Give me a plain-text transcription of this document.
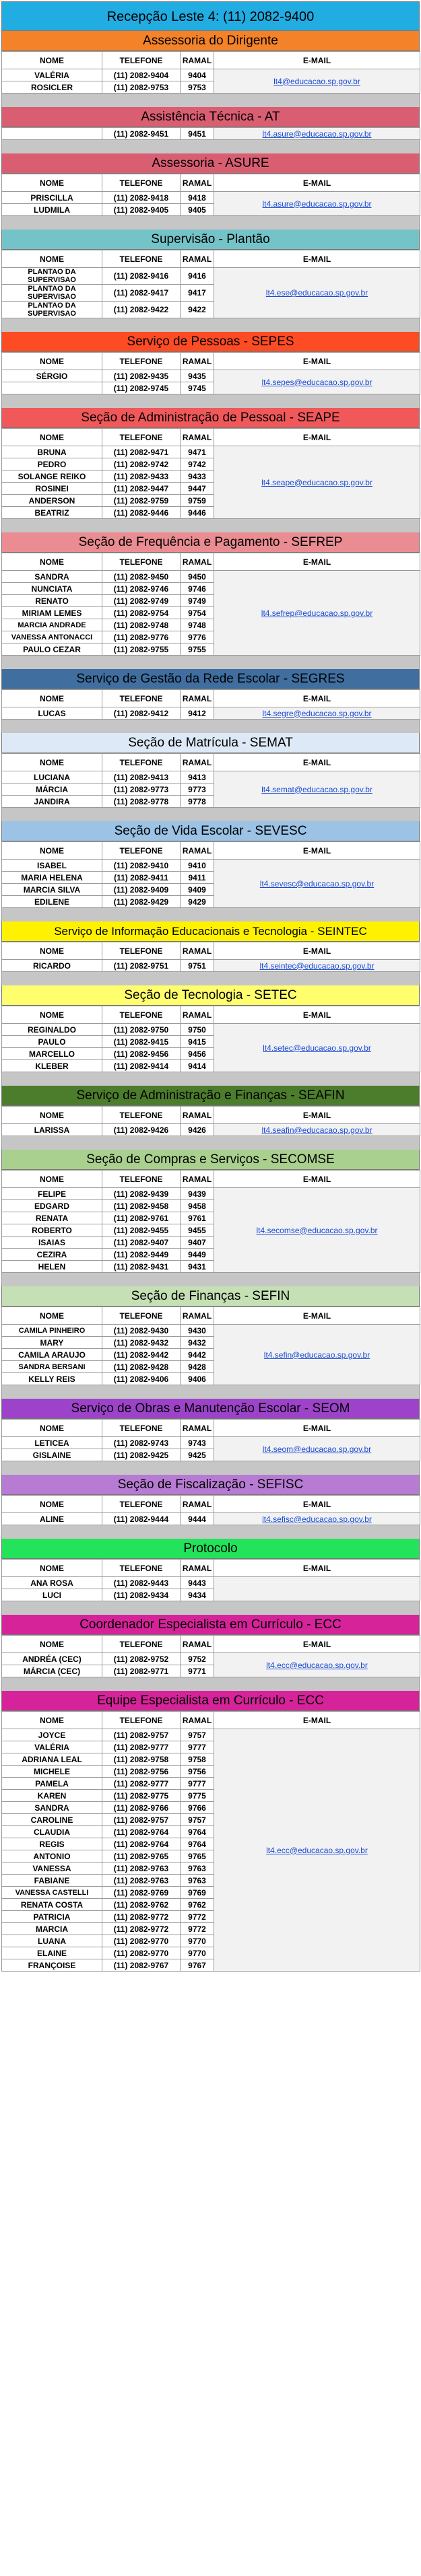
Recepção Leste 4: (11) 2082-9400
Assessoria do Dirigente
NOME	TELEFONE	RAMAL	E-MAIL
VALÉRIA	(11) 2082-9404	9404	lt4@educacao.sp.gov.br
ROSICLER	(11) 2082-9753	9753	
Assistência Técnica - AT
	(11) 2082-9451	9451	lt4.asure@educacao.sp.gov.br
Assessoria - ASURE
NOME	TELEFONE	RAMAL	E-MAIL
PRISCILLA	(11) 2082-9418	9418	lt4.asure@educacao.sp.gov.br
LUDMILA	(11) 2082-9405	9405	
Supervisão - Plantão
NOME	TELEFONE	RAMAL	E-MAIL
PLANTAO DA SUPERVISAO	(11) 2082-9416	9416	lt4.ese@educacao.sp.gov.br
PLANTAO DA SUPERVISAO	(11) 2082-9417	9417	
PLANTAO DA SUPERVISAO	(11) 2082-9422	9422	
Serviço de Pessoas - SEPES
NOME	TELEFONE	RAMAL	E-MAIL
SÉRGIO	(11) 2082-9435	9435	lt4.sepes@educacao.sp.gov.br
	(11) 2082-9745	9745	
Seção de Administração de Pessoal - SEAPE
NOME	TELEFONE	RAMAL	E-MAIL
BRUNA	(11) 2082-9471	9471	lt4.seape@educacao.sp.gov.br
PEDRO	(11) 2082-9742	9742	
SOLANGE REIKO	(11) 2082-9433	9433	
ROSINEI	(11) 2082-9447	9447	
ANDERSON	(11) 2082-9759	9759	
BEATRIZ	(11) 2082-9446	9446	
Seção de Frequência e Pagamento - SEFREP
NOME	TELEFONE	RAMAL	E-MAIL
SANDRA	(11) 2082-9450	9450	lt4.sefrep@educacao.sp.gov.br
NUNCIATA	(11) 2082-9746	9746	
RENATO	(11) 2082-9749	9749	
MIRIAM LEMES	(11) 2082-9754	9754	
MARCIA ANDRADE	(11) 2082-9748	9748	
VANESSA ANTONACCI	(11) 2082-9776	9776	
PAULO CEZAR	(11) 2082-9755	9755	
Serviço de Gestão da Rede Escolar - SEGRES
NOME	TELEFONE	RAMAL	E-MAIL
LUCAS	(11) 2082-9412	9412	lt4.segre@educacao.sp.gov.br
Seção de Matrícula - SEMAT
NOME	TELEFONE	RAMAL	E-MAIL
LUCIANA	(11) 2082-9413	9413	lt4.semat@educacao.sp.gov.br
MÁRCIA	(11) 2082-9773	9773	
JANDIRA	(11) 2082-9778	9778	
Seção de Vida Escolar - SEVESC
NOME	TELEFONE	RAMAL	E-MAIL
ISABEL	(11) 2082-9410	9410	lt4.sevesc@educacao.sp.gov.br
MARIA HELENA	(11) 2082-9411	9411	
MARCIA SILVA	(11) 2082-9409	9409	
EDILENE	(11) 2082-9429	9429	
Serviço de Informação Educacionais e Tecnologia - SEINTEC
NOME	TELEFONE	RAMAL	E-MAIL
RICARDO	(11) 2082-9751	9751	lt4.seintec@educacao.sp.gov.br
Seção de Tecnologia - SETEC
NOME	TELEFONE	RAMAL	E-MAIL
REGINALDO	(11) 2082-9750	9750	lt4.setec@educacao.sp.gov.br
PAULO	(11) 2082-9415	9415	
MARCELLO	(11) 2082-9456	9456	
KLEBER	(11) 2082-9414	9414	
Serviço de Administração e Finanças - SEAFIN
NOME	TELEFONE	RAMAL	E-MAIL
LARISSA	(11) 2082-9426	9426	lt4.seafin@educacao.sp.gov.br
Seção de Compras e Serviços - SECOMSE
NOME	TELEFONE	RAMAL	E-MAIL
FELIPE	(11) 2082-9439	9439	lt4.secomse@educacao.sp.gov.br
EDGARD	(11) 2082-9458	9458	
RENATA	(11) 2082-9761	9761	
ROBERTO	(11) 2082-9455	9455	
ISAIAS	(11) 2082-9407	9407	
CEZIRA	(11) 2082-9449	9449	
HELEN	(11) 2082-9431	9431	
Seção de Finanças - SEFIN
NOME	TELEFONE	RAMAL	E-MAIL
CAMILA PINHEIRO	(11) 2082-9430	9430	lt4.sefin@educacao.sp.gov.br
MARY	(11) 2082-9432	9432	
CAMILA ARAUJO	(11) 2082-9442	9442	
SANDRA BERSANI	(11) 2082-9428	9428	
KELLY REIS	(11) 2082-9406	9406	
Serviço de Obras e Manutenção Escolar - SEOM
NOME	TELEFONE	RAMAL	E-MAIL
LETICEA	(11) 2082-9743	9743	lt4.seom@educacao.sp.gov.br
GISLAINE	(11) 2082-9425	9425	
Seção de Fiscalização - SEFISC
NOME	TELEFONE	RAMAL	E-MAIL
ALINE	(11) 2082-9444	9444	lt4.sefisc@educacao.sp.gov.br
Protocolo
NOME	TELEFONE	RAMAL	E-MAIL
ANA ROSA	(11) 2082-9443	9443	
LUCI	(11) 2082-9434	9434	
Coordenador Especialista em Currículo - ECC
NOME	TELEFONE	RAMAL	E-MAIL
ANDRÉA (CEC)	(11) 2082-9752	9752	lt4.ecc@educacao.sp.gov.br
MÁRCIA (CEC)	(11) 2082-9771	9771	
Equipe Especialista em Currículo - ECC
NOME	TELEFONE	RAMAL	E-MAIL
JOYCE	(11) 2082-9757	9757	lt4.ecc@educacao.sp.gov.br
VALÉRIA	(11) 2082-9777	9777	
ADRIANA LEAL	(11) 2082-9758	9758	
MICHELE	(11) 2082-9756	9756	
PAMELA	(11) 2082-9777	9777	
KAREN	(11) 2082-9775	9775	
SANDRA	(11) 2082-9766	9766	
CAROLINE	(11) 2082-9757	9757	
CLAUDIA	(11) 2082-9764	9764	
REGIS	(11) 2082-9764	9764	
ANTONIO	(11) 2082-9765	9765	
VANESSA	(11) 2082-9763	9763	
FABIANE	(11) 2082-9763	9763	
VANESSA CASTELLI	(11) 2082-9769	9769	
RENATA COSTA	(11) 2082-9762	9762	
PATRICIA	(11) 2082-9772	9772	
MARCIA	(11) 2082-9772	9772	
LUANA	(11) 2082-9770	9770	
ELAINE	(11) 2082-9770	9770	
FRANÇOISE	(11) 2082-9767	9767	
